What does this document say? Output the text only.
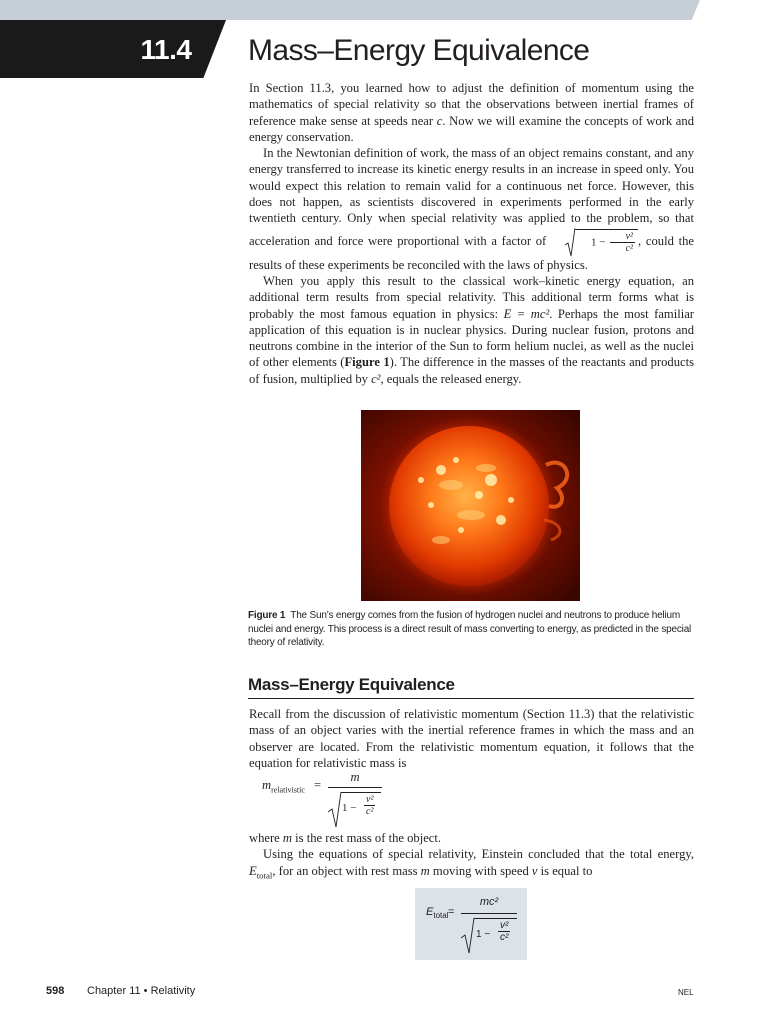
11.4 Mass–Energy Equivalence

In Section 11.3, you learned how to adjust the definition of momentum using the mathematics of special relativity so that the observations between inertial frames of reference make sense at speeds near c. Now we will examine the concepts of work and energy conservation.

In the Newtonian definition of work, the mass of an object remains constant, and any energy transferred to increase its kinetic energy results in an increase in speed only. You would expect this relation to remain valid for a continuous net force. However, this does not happen, as scientists discovered in experiments performed in the early twentieth century. Only when special relativity was applied to the problem, so that acceleration and force were proportional with a factor of	$1 - \frac{\text{v²}}{\text{c²}}$ , could the results of these experiments be reconciled with the laws of physics.

When you apply this result to the classical work–kinetic energy equation, an additional term results from special relativity. This additional term forms what is probably the most famous equation in physics: E = mc². Perhaps the most familiar application of this equation is in nuclear physics. During nuclear fusion, protons and neutrons combine in the interior of the Sun to form helium nuclei, as well as the nuclei of other elements (Figure 1). The difference in the masses of the reactants and products of fusion, multiplied by c², equals the released energy.

Figure 1 The Sun’s energy comes from the fusion of hydrogen nuclei and neutrons to produce helium nuclei and energy. This process is a direct result of mass converting to energy, as predicted in the special theory of relativity.
Mass–Energy Equivalence

Recall from the discussion of relativistic momentum (Section 11.3) that the relativistic mass of an object varies with the inertial reference frames in which the mass and an observer are located. From the relativistic momentum equation, it follows that the equation for relativistic mass is

$m_{relativistic}$ =
m
$1 - \frac{\text{v²}}{\text{c²}}$

where m is the rest mass of the object.

Using the equations of special relativity, Einstein concluded that the total energy, $E_{total}$, for an object with rest mass m moving with speed v is equal to

$E_{total}$ =
mc²
$1 - \frac{\text{v²}}{\text{c²}}$
598 Chapter 11 • Relativity	NEL
